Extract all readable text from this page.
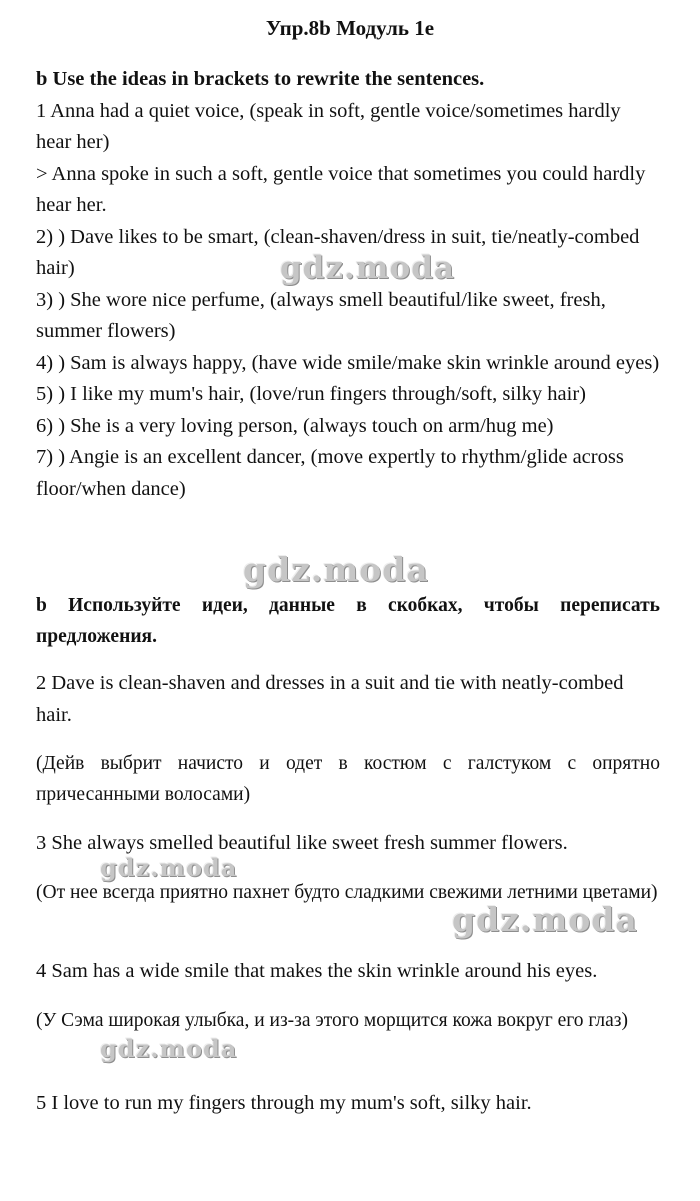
Упр.8b Модуль 1e

b Use the ideas in brackets to rewrite the sentences.

1 Anna had a quiet voice, (speak in soft, gentle voice/sometimes hardly hear her)

> Anna spoke in such a soft, gentle voice that sometimes you could hardly hear her.

2) ) Dave likes to be smart, (clean-shaven/dress in suit, tie/neatly-combed hair)

3) ) She wore nice perfume, (always smell beautiful/like sweet, fresh, summer flowers)

4) ) Sam is always happy, (have wide smile/make skin wrinkle around eyes)

5) ) I like my mum's hair, (love/run fingers through/soft, silky hair)

6) ) She is a very loving person, (always touch on arm/hug me)

7) ) Angie is an excellent dancer, (move expertly to rhythm/glide across floor/when dance)

b Используйте идеи, данные в скобках, чтобы переписать предложения.
2 Dave is clean-shaven and dresses in a suit and tie with neatly-combed hair.
(Дейв выбрит начисто и одет в костюм с галстуком с опрятно причесанными волосами)
3 She always smelled beautiful like sweet fresh summer flowers.
(От нее всегда приятно пахнет будто сладкими свежими летними цветами)
4 Sam has a wide smile that makes the skin wrinkle around his eyes.
(У Сэма широкая улыбка, и из-за этого морщится кожа вокруг его глаз)
5 I love to run my fingers through my mum's soft, silky hair.
gdz.moda
gdz.moda
gdz.moda
gdz.moda
gdz.moda
